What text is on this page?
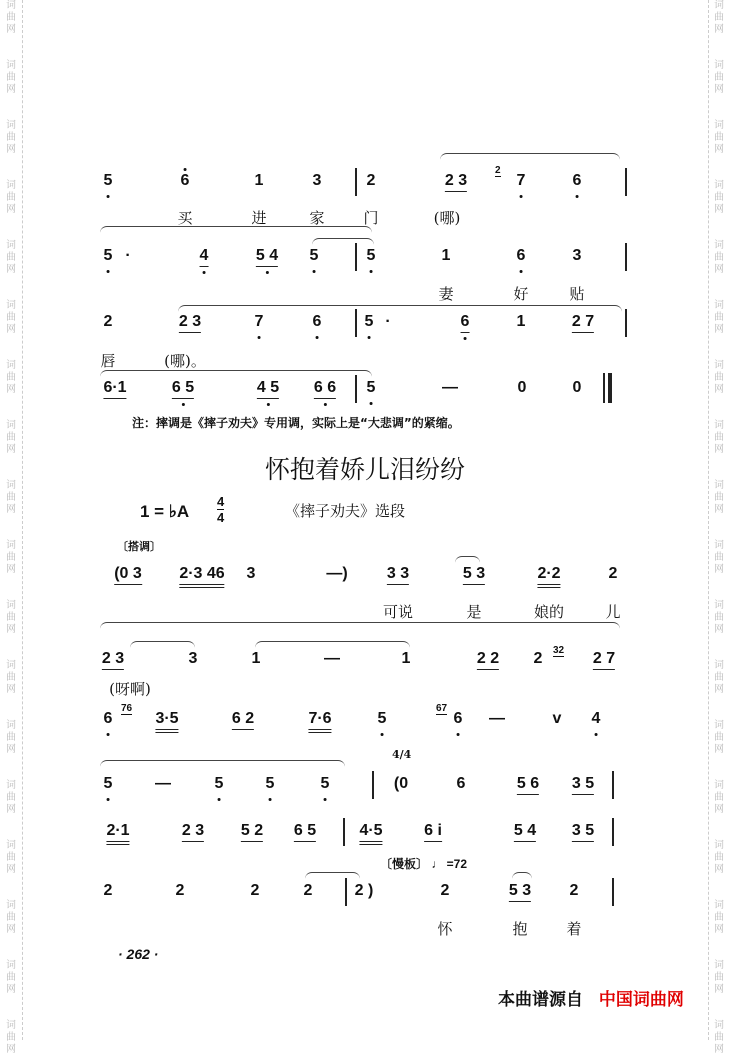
5	6	1	3	2	2 3	7	6
2
买	进	家	门	(哪)
5 ·	4	5 4 5	5	1	6	3
妻	好	贴
2	2 3	7	6	5 ·	6	1	2 7
唇	(哪)。
6·1	6 5	4 5 6 6 5	—	0	0
(0 3 2·3 46 3	—) 3 3	5 3	2·2	2
可说	是	娘的	儿
2 3	3	1	—	1	2 2 2	2 7
32
(呀啊)
6	3·5	6 2	7·6	5	6 —	v 4
76	67
5	—	5	5	5	(0	6	5 6 3 5
2·1	2 3 5 2 6 5	4·5	6 i	5 4 3 5
2	2	2	2	2 )	2	5 3 2
怀	抱	着
注：摔调是《摔子劝夫》专用调，实际上是“大悲调”的紧缩。
怀抱着娇儿泪纷纷
1 = ♭A
4
4	《摔子劝夫》选段
〔搭调〕
4/4
〔慢板〕 ♩ =72
· 262 ·
本曲谱源自 中国词曲网
词
曲
网
词
曲
网
词
曲
网
词
曲
网
词
曲
网
词
曲
网
词
曲
网
词
曲
网
词
曲
网
词
曲
网
词
曲
网
词
曲
网
词
曲
网
词
曲
网
词
曲
网
词
曲
网
词
曲
网
词
曲
网
词
曲
网
词
曲
网
词
曲
网
词
曲
网
词
曲
网
词
曲
网
词
曲
网
词
曲
网
词
曲
网
词
曲
网
词
曲
网
词
曲
网
词
曲
网
词
曲
网
词
曲
网
词
曲
网
词
曲
网
词
曲
网
